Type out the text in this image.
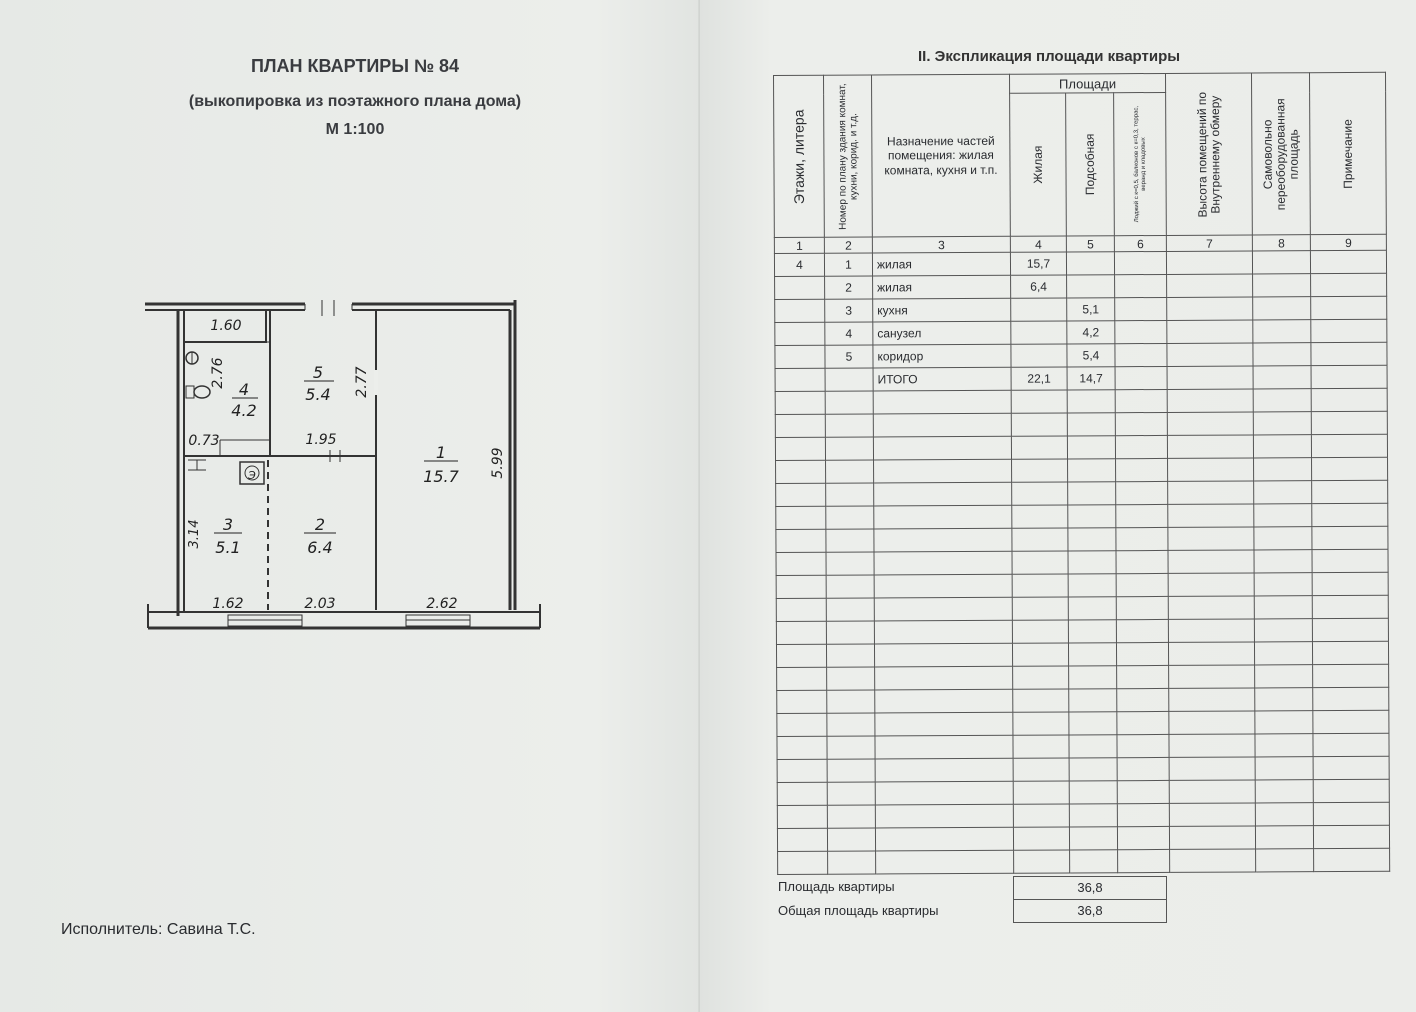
ПЛАН КВАРТИРЫ № 84
(выкопировка из поэтажного плана дома)
М 1:100
Э
4
4.2
5
5.4
1
15.7
2
6.4
3
5.1
1.60
2.76	2.77
0.73	1.95
5.99
3.14
1.62	2.03	2.62
Исполнитель: Савина Т.С.
II. Экспликация площади квартиры
Этажи, литера	Номер по плану здания комнат, кухни, корид. и т.д.	Назначение частей помещения: жилая комната, кухня и т.п.	Площади			Высота помещений по Внутреннему обмеру	Самовольно переоборудованная площадь	Примечание

			Жилая	Подсобная	Лоджий с к=0,5, балконов с к=0,3, террас, веранд и кладовых			

1	2	3	4	5	6	7	8	9
4	1	жилая	15,7					
	2	жилая	6,4					
	3	кухня		5,1				
	4	санузел		4,2				
	5	коридор		5,4				
		ИТОГО	22,1	14,7				

Площадь квартиры	36,8
Общая площадь квартиры	36,8
